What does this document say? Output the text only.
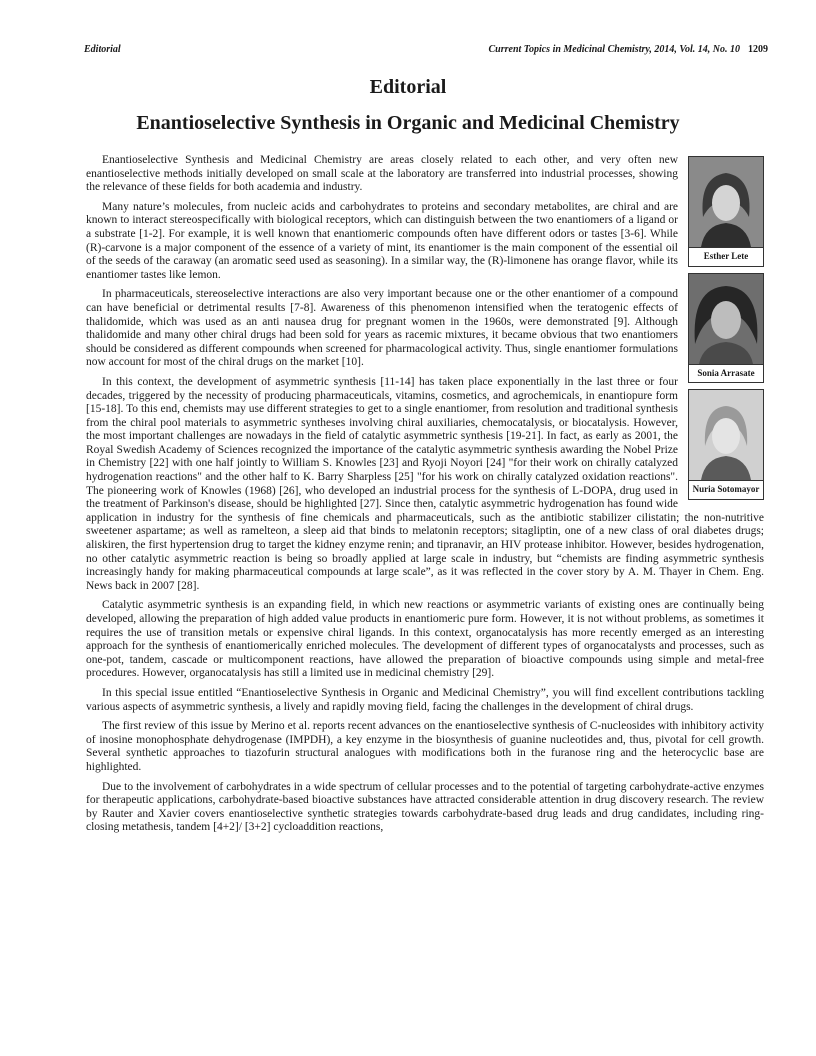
Editorial	Current Topics in Medicinal Chemistry, 2014, Vol. 14, No. 10 1209
Editorial
Enantioselective Synthesis in Organic and Medicinal Chemistry
Esther Lete
Sonia Arrasate
Nuria Sotomayor

Enantioselective Synthesis and Medicinal Chemistry are areas closely related to each other, and very often new enantioselective methods initially developed on small scale at the laboratory are transferred into industrial processes, showing the relevance of these fields for both academia and industry.

Many nature’s molecules, from nucleic acids and carbohydrates to proteins and secondary metabolites, are chiral and are known to interact stereospecifically with biological receptors, which can distinguish between the two enantiomers of a ligand or a substrate [1-2]. For example, it is well known that enantiomeric compounds often have different odors or tastes [3-6]. While (R)-carvone is a major component of the essence of a variety of mint, its enantiomer is the main component of the essential oil of the seeds of the caraway (an aromatic seed used as seasoning). In a similar way, the (R)-limonene has orange flavor, while its enantiomer tastes like lemon.

In pharmaceuticals, stereoselective interactions are also very important because one or the other enantiomer of a compound can have beneficial or detrimental results [7-8]. Awareness of this phenomenon intensified when the teratogenic effects of thalidomide, which was used as an anti nausea drug for pregnant women in the 1960s, were demonstrated [9]. Although thalidomide and many other chiral drugs had been sold for years as racemic mixtures, it became obvious that two enantiomers should be considered as different compounds when screened for pharmacological activity. Thus, single enantiomer formulations now account for most of the chiral drugs on the market [10].

In this context, the development of asymmetric synthesis [11-14] has taken place exponentially in the last three or four decades, triggered by the necessity of producing pharmaceuticals, vitamins, cosmetics, and agrochemicals, in enantiopure form [15-18]. To this end, chemists may use different strategies to get to a single enantiomer, from resolution and traditional synthesis from the chiral pool materials to asymmetric syntheses involving chiral auxiliaries, chemocatalysis, or biocatalysis. However, the most important challenges are nowadays in the field of catalytic asymmetric synthesis [19-21]. In fact, as early as 2001, the Royal Swedish Academy of Sciences recognized the importance of the catalytic asymmetric synthesis awarding the Nobel Prize in Chemistry [22] with one half jointly to William S. Knowles [23] and Ryoji Noyori [24] "for their work on chirally catalyzed hydrogenation reactions" and the other half to K. Barry Sharpless [25] "for his work on chirally catalyzed oxidation reactions". The pioneering work of Knowles (1968) [26], who developed an industrial process for the synthesis of L-DOPA, drug used in the treatment of Parkinson's disease, should be highlighted [27]. Since then, catalytic asymmetric hydrogenation has found wide application in industry for the synthesis of fine chemicals and pharmaceuticals, such as the antibiotic stabilizer cilistatin; the non-nutritive sweetener aspartame; as well as ramelteon, a sleep aid that binds to melatonin receptors; sitagliptin, one of a new class of oral diabetes drugs; aliskiren, the first hypertension drug to target the kidney enzyme renin; and tipranavir, an HIV protease inhibitor. However, besides hydrogenation, no other catalytic asymmetric reaction is being so broadly applied at large scale in industry, but “chemists are finding asymmetric synthesis increasingly handy for making pharmaceutical compounds at large scale”, as it was reflected in the cover story by A. M. Thayer in Chem. Eng. News back in 2007 [28].

Catalytic asymmetric synthesis is an expanding field, in which new reactions or asymmetric variants of existing ones are continually being developed, allowing the preparation of high added value products in enantiomeric pure form. However, it is not without problems, as sometimes it requires the use of transition metals or expensive chiral ligands. In this context, organocatalysis has more recently emerged as an interesting approach for the synthesis of enantiomerically enriched molecules. The development of different types of organocatalysts and processes, such as one-pot, tandem, cascade or multicomponent reactions, have allowed the preparation of bioactive compounds using simple and metal-free procedures. However, organocatalysis has still a limited use in medicinal chemistry [29].

In this special issue entitled “Enantioselective Synthesis in Organic and Medicinal Chemistry”, you will find excellent contributions tackling various aspects of asymmetric synthesis, a lively and rapidly moving field, facing the challenges in the development of chiral drugs.

The first review of this issue by Merino et al. reports recent advances on the enantioselective synthesis of C-nucleosides with inhibitory activity of inosine monophosphate dehydrogenase (IMPDH), a key enzyme in the biosynthesis of guanine nucleotides and, thus, pivotal for cell growth. Several synthetic approaches to tiazofurin structural analogues with modifications both in the furanose ring and the heterocyclic base are highlighted.

Due to the involvement of carbohydrates in a wide spectrum of cellular processes and to the potential of targeting carbohydrate-active enzymes for therapeutic applications, carbohydrate-based bioactive substances have attracted considerable attention in drug discovery research. The review by Rauter and Xavier covers enantioselective synthetic strategies towards carbohydrate-based drug leads and drug candidates, including ring-closing metathesis, tandem [4+2]/ [3+2] cycloaddition reactions,
